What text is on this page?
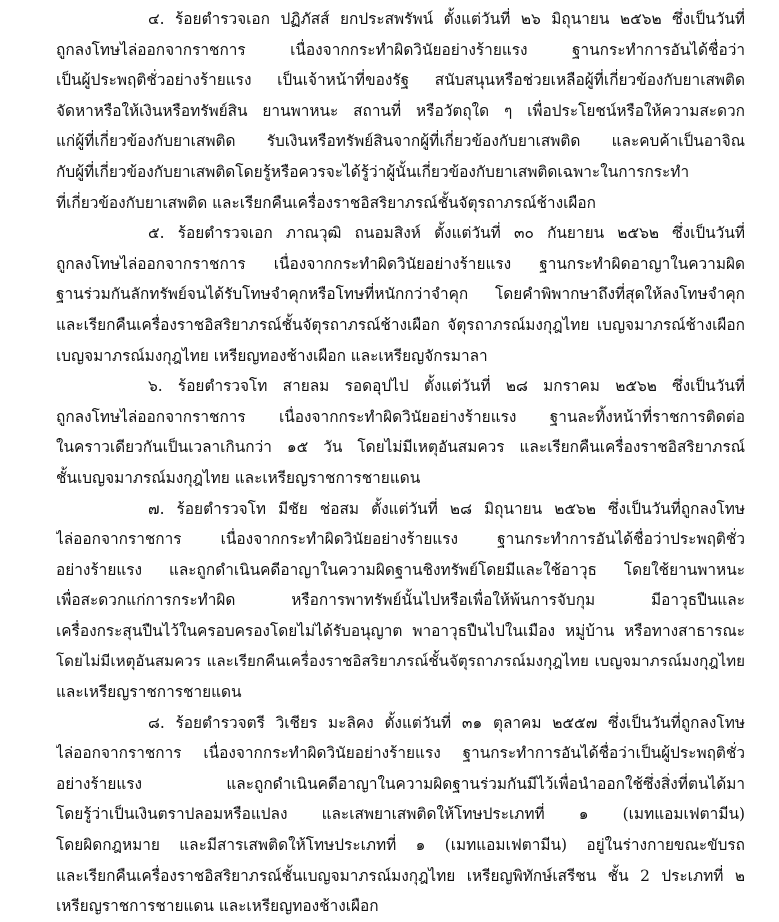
๔. ร้อยตำรวจเอก ปฏิภัสส์ ยกประสพรัพน์ ตั้งแต่วันที่ ๒๖ มิถุนายน ๒๕๖๒ ซึ่งเป็นวันที่
ถูกลงโทษไล่ออกจากราชการ เนื่องจากกระทำผิดวินัยอย่างร้ายแรง ฐานกระทำการอันได้ชื่อว่า
เป็นผู้ประพฤติชั่วอย่างร้ายแรง เป็นเจ้าหน้าที่ของรัฐ สนับสนุนหรือช่วยเหลือผู้ที่เกี่ยวข้องกับยาเสพติด
จัดหาหรือให้เงินหรือทรัพย์สิน ยานพาหนะ สถานที่ หรือวัตถุใด ๆ เพื่อประโยชน์หรือให้ความสะดวก
แก่ผู้ที่เกี่ยวข้องกับยาเสพติด รับเงินหรือทรัพย์สินจากผู้ที่เกี่ยวข้องกับยาเสพติด และคบค้าเป็นอาจิณ
กับผู้ที่เกี่ยวข้องกับยาเสพติดโดยรู้หรือควรจะได้รู้ว่าผู้นั้นเกี่ยวข้องกับยาเสพติดเฉพาะในการกระทำ
ที่เกี่ยวข้องกับยาเสพติด และเรียกคืนเครื่องราชอิสริยาภรณ์ชั้นจัตุรถาภรณ์ช้างเผือก
๕. ร้อยตำรวจเอก ภาณวุฒิ ถนอมสิงห์ ตั้งแต่วันที่ ๓๐ กันยายน ๒๕๖๒ ซึ่งเป็นวันที่
ถูกลงโทษไล่ออกจากราชการ เนื่องจากกระทำผิดวินัยอย่างร้ายแรง ฐานกระทำผิดอาญาในความผิด
ฐานร่วมกันลักทรัพย์จนได้รับโทษจำคุกหรือโทษที่หนักกว่าจำคุก โดยคำพิพากษาถึงที่สุดให้ลงโทษจำคุก
และเรียกคืนเครื่องราชอิสริยาภรณ์ชั้นจัตุรถาภรณ์ช้างเผือก จัตุรถาภรณ์มงกุฎไทย เบญจมาภรณ์ช้างเผือก
เบญจมาภรณ์มงกุฎไทย เหรียญทองช้างเผือก และเหรียญจักรมาลา
๖. ร้อยตำรวจโท สายลม รอดอุปไป ตั้งแต่วันที่ ๒๘ มกราคม ๒๕๖๒ ซึ่งเป็นวันที่
ถูกลงโทษไล่ออกจากราชการ เนื่องจากกระทำผิดวินัยอย่างร้ายแรง ฐานละทิ้งหน้าที่ราชการติดต่อ
ในคราวเดียวกันเป็นเวลาเกินกว่า ๑๕ วัน โดยไม่มีเหตุอันสมควร และเรียกคืนเครื่องราชอิสริยาภรณ์
ชั้นเบญจมาภรณ์มงกุฎไทย และเหรียญราชการชายแดน
๗. ร้อยตำรวจโท มีชัย ช่อสม ตั้งแต่วันที่ ๒๘ มิถุนายน ๒๕๖๒ ซึ่งเป็นวันที่ถูกลงโทษ
ไล่ออกจากราชการ เนื่องจากกระทำผิดวินัยอย่างร้ายแรง ฐานกระทำการอันได้ชื่อว่าประพฤติชั่ว
อย่างร้ายแรง และถูกดำเนินคดีอาญาในความผิดฐานชิงทรัพย์โดยมีและใช้อาวุธ โดยใช้ยานพาหนะ
เพื่อสะดวกแก่การกระทำผิด หรือการพาทรัพย์นั้นไปหรือเพื่อให้พ้นการจับกุม มีอาวุธปืนและ
เครื่องกระสุนปืนไว้ในครอบครองโดยไม่ได้รับอนุญาต พาอาวุธปืนไปในเมือง หมู่บ้าน หรือทางสาธารณะ
โดยไม่มีเหตุอันสมควร และเรียกคืนเครื่องราชอิสริยาภรณ์ชั้นจัตุรถาภรณ์มงกุฎไทย เบญจมาภรณ์มงกุฎไทย
และเหรียญราชการชายแดน
๘. ร้อยตำรวจตรี วิเชียร มะลิคง ตั้งแต่วันที่ ๓๑ ตุลาคม ๒๕๕๗ ซึ่งเป็นวันที่ถูกลงโทษ
ไล่ออกจากราชการ เนื่องจากกระทำผิดวินัยอย่างร้ายแรง ฐานกระทำการอันได้ชื่อว่าเป็นผู้ประพฤติชั่ว
อย่างร้ายแรง และถูกดำเนินคดีอาญาในความผิดฐานร่วมกันมีไว้เพื่อนำออกใช้ซึ่งสิ่งที่ตนได้มา
โดยรู้ว่าเป็นเงินตราปลอมหรือแปลง และเสพยาเสพติดให้โทษประเภทที่ ๑ (เมทแอมเฟตามีน)
โดยผิดกฎหมาย และมีสารเสพติดให้โทษประเภทที่ ๑ (เมทแอมเฟตามีน) อยู่ในร่างกายขณะขับรถ
และเรียกคืนเครื่องราชอิสริยาภรณ์ชั้นเบญจมาภรณ์มงกุฎไทย เหรียญพิทักษ์เสรีชน ชั้น 2 ประเภทที่ ๒
เหรียญราชการชายแดน และเหรียญทองช้างเผือก
